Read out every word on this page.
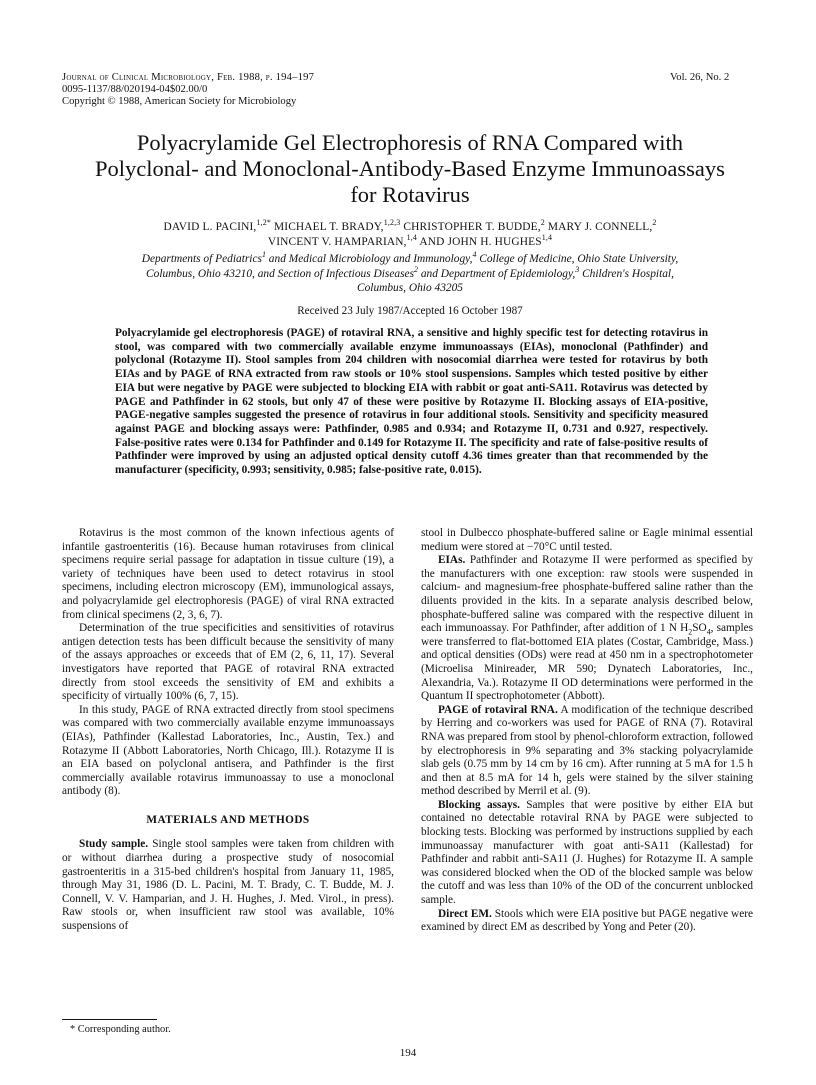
Journal of Clinical Microbiology, Feb. 1988, p. 194–197
0095-1137/88/020194-04$02.00/0
Copyright © 1988, American Society for Microbiology
Vol. 26, No. 2
Polyacrylamide Gel Electrophoresis of RNA Compared with
Polyclonal- and Monoclonal-Antibody-Based Enzyme Immunoassays
for Rotavirus
DAVID L. PACINI,$^{1,2*}$ MICHAEL T. BRADY,$^{1,2,3}$ CHRISTOPHER T. BUDDE,$^2$ MARY J. CONNELL,$^2$
VINCENT V. HAMPARIAN,$^{1,4}$ AND JOHN H. HUGHES$^{1,4}$
Departments of Pediatrics$^1$ and Medical Microbiology and Immunology,$^4$ College of Medicine, Ohio State University,
Columbus, Ohio 43210, and Section of Infectious Diseases$^2$ and Department of Epidemiology,$^3$ Children's Hospital,
Columbus, Ohio 43205
Received 23 July 1987/Accepted 16 October 1987
Polyacrylamide gel electrophoresis (PAGE) of rotaviral RNA, a sensitive and highly specific test for detecting rotavirus in stool, was compared with two commercially available enzyme immunoassays (EIAs), monoclonal (Pathfinder) and polyclonal (Rotazyme II). Stool samples from 204 children with nosocomial diarrhea were tested for rotavirus by both EIAs and by PAGE of RNA extracted from raw stools or 10% stool suspensions. Samples which tested positive by either EIA but were negative by PAGE were subjected to blocking EIA with rabbit or goat anti-SA11. Rotavirus was detected by PAGE and Pathfinder in 62 stools, but only 47 of these were positive by Rotazyme II. Blocking assays of EIA-positive, PAGE-negative samples suggested the presence of rotavirus in four additional stools. Sensitivity and specificity measured against PAGE and blocking assays were: Pathfinder, 0.985 and 0.934; and Rotazyme II, 0.731 and 0.927, respectively. False-positive rates were 0.134 for Pathfinder and 0.149 for Rotazyme II. The specificity and rate of false-positive results of Pathfinder were improved by using an adjusted optical density cutoff 4.36 times greater than that recommended by the manufacturer (specificity, 0.993; sensitivity, 0.985; false-positive rate, 0.015).

Rotavirus is the most common of the known infectious agents of infantile gastroenteritis (16). Because human rotaviruses from clinical specimens require serial passage for adaptation in tissue culture (19), a variety of techniques have been used to detect rotavirus in stool specimens, including electron microscopy (EM), immunological assays, and polyacrylamide gel electrophoresis (PAGE) of viral RNA extracted from clinical specimens (2, 3, 6, 7).

Determination of the true specificities and sensitivities of rotavirus antigen detection tests has been difficult because the sensitivity of many of the assays approaches or exceeds that of EM (2, 6, 11, 17). Several investigators have reported that PAGE of rotaviral RNA extracted directly from stool exceeds the sensitivity of EM and exhibits a specificity of virtually 100% (6, 7, 15).

In this study, PAGE of RNA extracted directly from stool specimens was compared with two commercially available enzyme immunoassays (EIAs), Pathfinder (Kallestad Laboratories, Inc., Austin, Tex.) and Rotazyme II (Abbott Laboratories, North Chicago, Ill.). Rotazyme II is an EIA based on polyclonal antisera, and Pathfinder is the first commercially available rotavirus immunoassay to use a monoclonal antibody (8).

MATERIALS AND METHODS

Study sample. Single stool samples were taken from children with or without diarrhea during a prospective study of nosocomial gastroenteritis in a 315-bed children's hospital from January 11, 1985, through May 31, 1986 (D. L. Pacini, M. T. Brady, C. T. Budde, M. J. Connell, V. V. Hamparian, and J. H. Hughes, J. Med. Virol., in press). Raw stools or, when insufficient raw stool was available, 10% suspensions of

stool in Dulbecco phosphate-buffered saline or Eagle minimal essential medium were stored at −70°C until tested.

EIAs. Pathfinder and Rotazyme II were performed as specified by the manufacturers with one exception: raw stools were suspended in calcium- and magnesium-free phosphate-buffered saline rather than the diluents provided in the kits. In a separate analysis described below, phosphate-buffered saline was compared with the respective diluent in each immunoassay. For Pathfinder, after addition of 1 N $H_2SO_4$, samples were transferred to flat-bottomed EIA plates (Costar, Cambridge, Mass.) and optical densities (ODs) were read at 450 nm in a spectrophotometer (Microelisa Minireader, MR 590; Dynatech Laboratories, Inc., Alexandria, Va.). Rotazyme II OD determinations were performed in the Quantum II spectrophotometer (Abbott).

PAGE of rotaviral RNA. A modification of the technique described by Herring and co-workers was used for PAGE of RNA (7). Rotaviral RNA was prepared from stool by phenol-chloroform extraction, followed by electrophoresis in 9% separating and 3% stacking polyacrylamide slab gels (0.75 mm by 14 cm by 16 cm). After running at 5 mA for 1.5 h and then at 8.5 mA for 14 h, gels were stained by the silver staining method described by Merril et al. (9).

Blocking assays. Samples that were positive by either EIA but contained no detectable rotaviral RNA by PAGE were subjected to blocking tests. Blocking was performed by instructions supplied by each immunoassay manufacturer with goat anti-SA11 (Kallestad) for Pathfinder and rabbit anti-SA11 (J. Hughes) for Rotazyme II. A sample was considered blocked when the OD of the blocked sample was below the cutoff and was less than 10% of the OD of the concurrent unblocked sample.

Direct EM. Stools which were EIA positive but PAGE negative were examined by direct EM as described by Yong and Peter (20).

* Corresponding author.
194
